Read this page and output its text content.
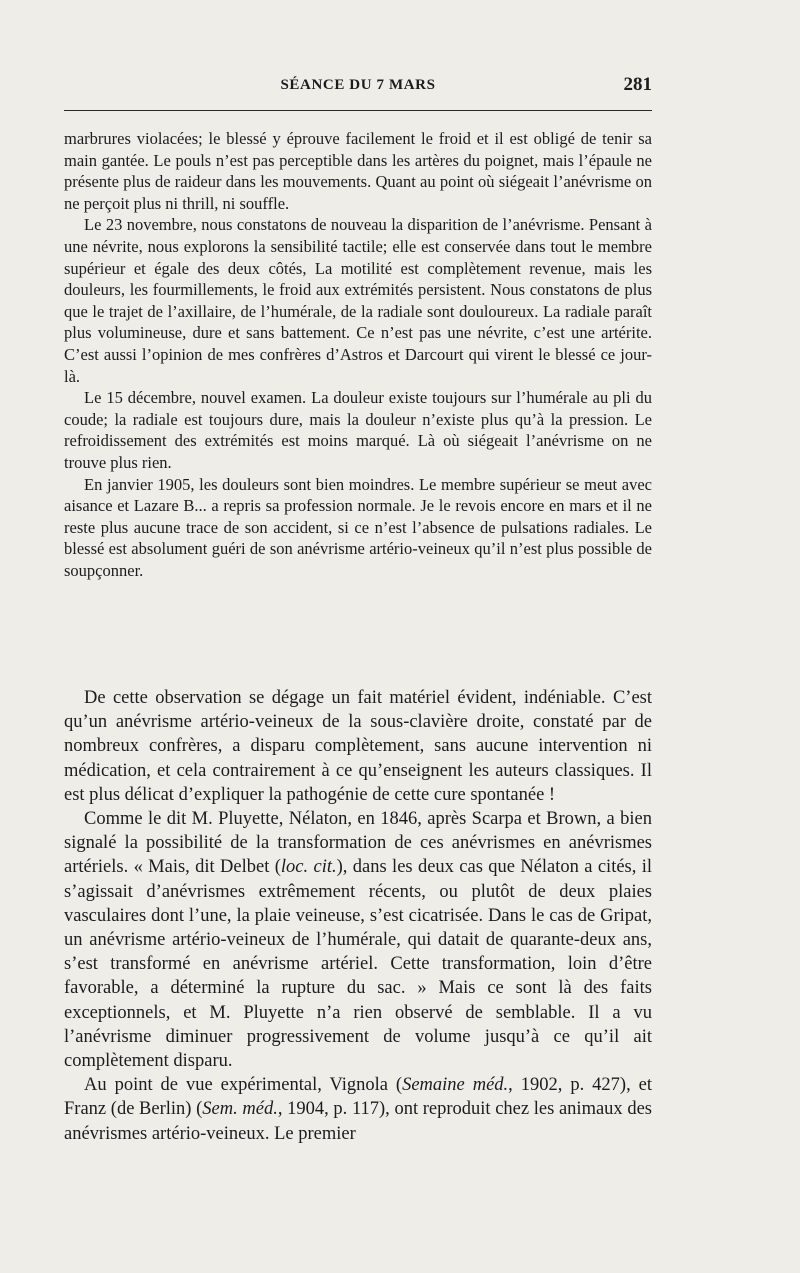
SÉANCE DU 7 MARS	281

marbrures violacées; le blessé y éprouve facilement le froid et il est obligé de tenir sa main gantée. Le pouls n’est pas perceptible dans les artères du poignet, mais l’épaule ne présente plus de raideur dans les mouvements. Quant au point où siégeait l’anévrisme on ne perçoit plus ni thrill, ni souffle.

Le 23 novembre, nous constatons de nouveau la disparition de l’anévrisme. Pensant à une névrite, nous explorons la sensibilité tactile; elle est conservée dans tout le membre supérieur et égale des deux côtés, La motilité est complètement revenue, mais les douleurs, les fourmillements, le froid aux extrémités persistent. Nous constatons de plus que le trajet de l’axillaire, de l’humérale, de la radiale sont douloureux. La radiale paraît plus volumineuse, dure et sans battement. Ce n’est pas une névrite, c’est une artérite. C’est aussi l’opinion de mes confrères d’Astros et Darcourt qui virent le blessé ce jour-là.

Le 15 décembre, nouvel examen. La douleur existe toujours sur l’humérale au pli du coude; la radiale est toujours dure, mais la douleur n’existe plus qu’à la pression. Le refroidissement des extrémités est moins marqué. Là où siégeait l’anévrisme on ne trouve plus rien.

En janvier 1905, les douleurs sont bien moindres. Le membre supérieur se meut avec aisance et Lazare B... a repris sa profession normale. Je le revois encore en mars et il ne reste plus aucune trace de son accident, si ce n’est l’absence de pulsations radiales. Le blessé est absolument guéri de son anévrisme artério-veineux qu’il n’est plus possible de soupçonner.

De cette observation se dégage un fait matériel évident, indéniable. C’est qu’un anévrisme artério-veineux de la sous-clavière droite, constaté par de nombreux confrères, a disparu complètement, sans aucune intervention ni médication, et cela contrairement à ce qu’enseignent les auteurs classiques. Il est plus délicat d’expliquer la pathogénie de cette cure spontanée !

Comme le dit M. Pluyette, Nélaton, en 1846, après Scarpa et Brown, a bien signalé la possibilité de la transformation de ces anévrismes en anévrismes artériels. « Mais, dit Delbet (loc. cit.), dans les deux cas que Nélaton a cités, il s’agissait d’anévrismes extrêmement récents, ou plutôt de deux plaies vasculaires dont l’une, la plaie veineuse, s’est cicatrisée. Dans le cas de Gripat, un anévrisme artério-veineux de l’humérale, qui datait de quarante-deux ans, s’est transformé en anévrisme artériel. Cette transformation, loin d’être favorable, a déterminé la rupture du sac. » Mais ce sont là des faits exceptionnels, et M. Pluyette n’a rien observé de semblable. Il a vu l’anévrisme diminuer progressivement de volume jusqu’à ce qu’il ait complètement disparu.

Au point de vue expérimental, Vignola (Semaine méd., 1902, p. 427), et Franz (de Berlin) (Sem. méd., 1904, p. 117), ont reproduit chez les animaux des anévrismes artério-veineux. Le premier
